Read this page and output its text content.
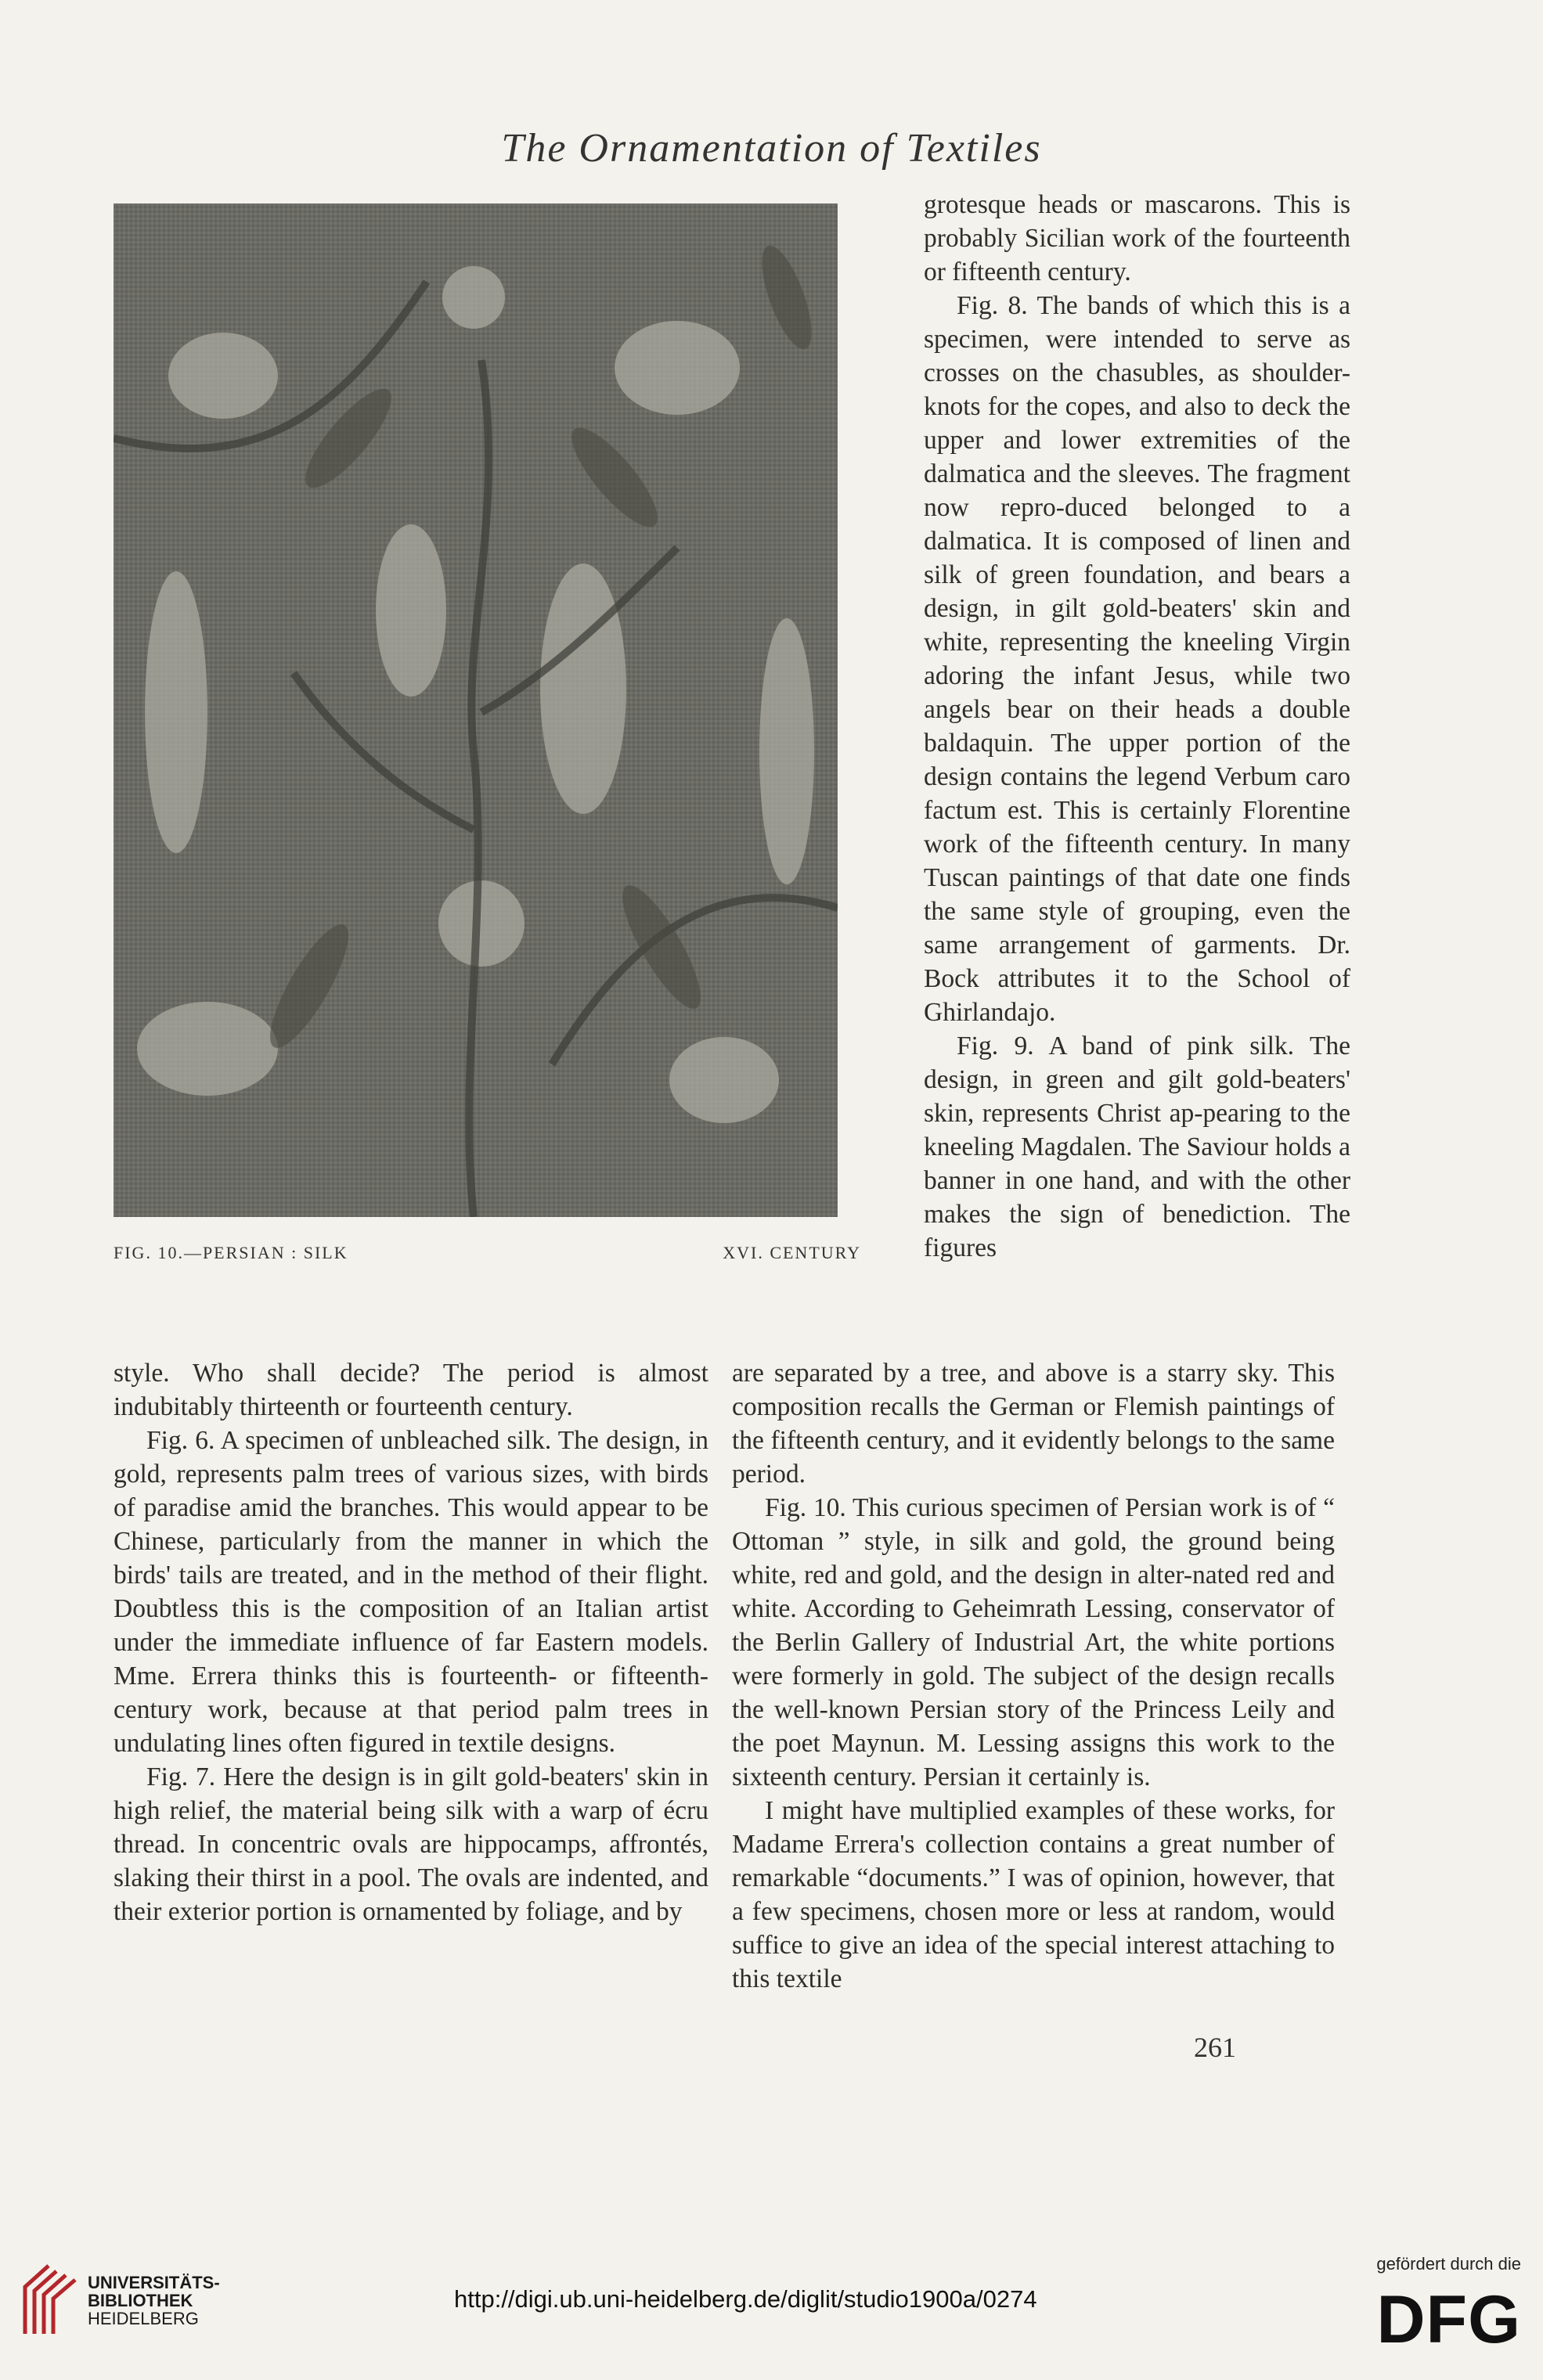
The Ornamentation of Textiles
FIG. 10.—PERSIAN : SILK	XVI. CENTURY

grotesque heads or mascarons. This is probably Sicilian work of the fourteenth or fifteenth century.

Fig. 8. The bands of which this is a specimen, were intended to serve as crosses on the chasubles, as shoulder-knots for the copes, and also to deck the upper and lower extremities of the dalmatica and the sleeves. The fragment now repro-duced belonged to a dalmatica. It is composed of linen and silk of green foundation, and bears a design, in gilt gold-beaters' skin and white, representing the kneeling Virgin adoring the infant Jesus, while two angels bear on their heads a double baldaquin. The upper portion of the design contains the legend Verbum caro factum est. This is certainly Florentine work of the fifteenth century. In many Tuscan paintings of that date one finds the same style of grouping, even the same arrangement of garments. Dr. Bock attributes it to the School of Ghirlandajo.

Fig. 9. A band of pink silk. The design, in green and gilt gold-beaters' skin, represents Christ ap-pearing to the kneeling Magdalen. The Saviour holds a banner in one hand, and with the other makes the sign of benediction. The figures

style. Who shall decide? The period is almost indubitably thirteenth or fourteenth century.

Fig. 6. A specimen of unbleached silk. The design, in gold, represents palm trees of various sizes, with birds of paradise amid the branches. This would appear to be Chinese, particularly from the manner in which the birds' tails are treated, and in the method of their flight. Doubtless this is the composition of an Italian artist under the immediate influence of far Eastern models. Mme. Errera thinks this is fourteenth- or fifteenth-century work, because at that period palm trees in undulating lines often figured in textile designs.

Fig. 7. Here the design is in gilt gold-beaters' skin in high relief, the material being silk with a warp of écru thread. In concentric ovals are hippocamps, affrontés, slaking their thirst in a pool. The ovals are indented, and their exterior portion is ornamented by foliage, and by

are separated by a tree, and above is a starry sky. This composition recalls the German or Flemish paintings of the fifteenth century, and it evidently belongs to the same period.

Fig. 10. This curious specimen of Persian work is of “ Ottoman ” style, in silk and gold, the ground being white, red and gold, and the design in alter-nated red and white. According to Geheimrath Lessing, conservator of the Berlin Gallery of Industrial Art, the white portions were formerly in gold. The subject of the design recalls the well-known Persian story of the Princess Leily and the poet Maynun. M. Lessing assigns this work to the sixteenth century. Persian it certainly is.

I might have multiplied examples of these works, for Madame Errera's collection contains a great number of remarkable “documents.” I was of opinion, however, that a few specimens, chosen more or less at random, would suffice to give an idea of the special interest attaching to this textile

261
UNIVERSITÄTS-
BIBLIOTHEK
HEIDELBERG
http://digi.ub.uni-heidelberg.de/diglit/studio1900a/0274
gefördert durch die
DFG
